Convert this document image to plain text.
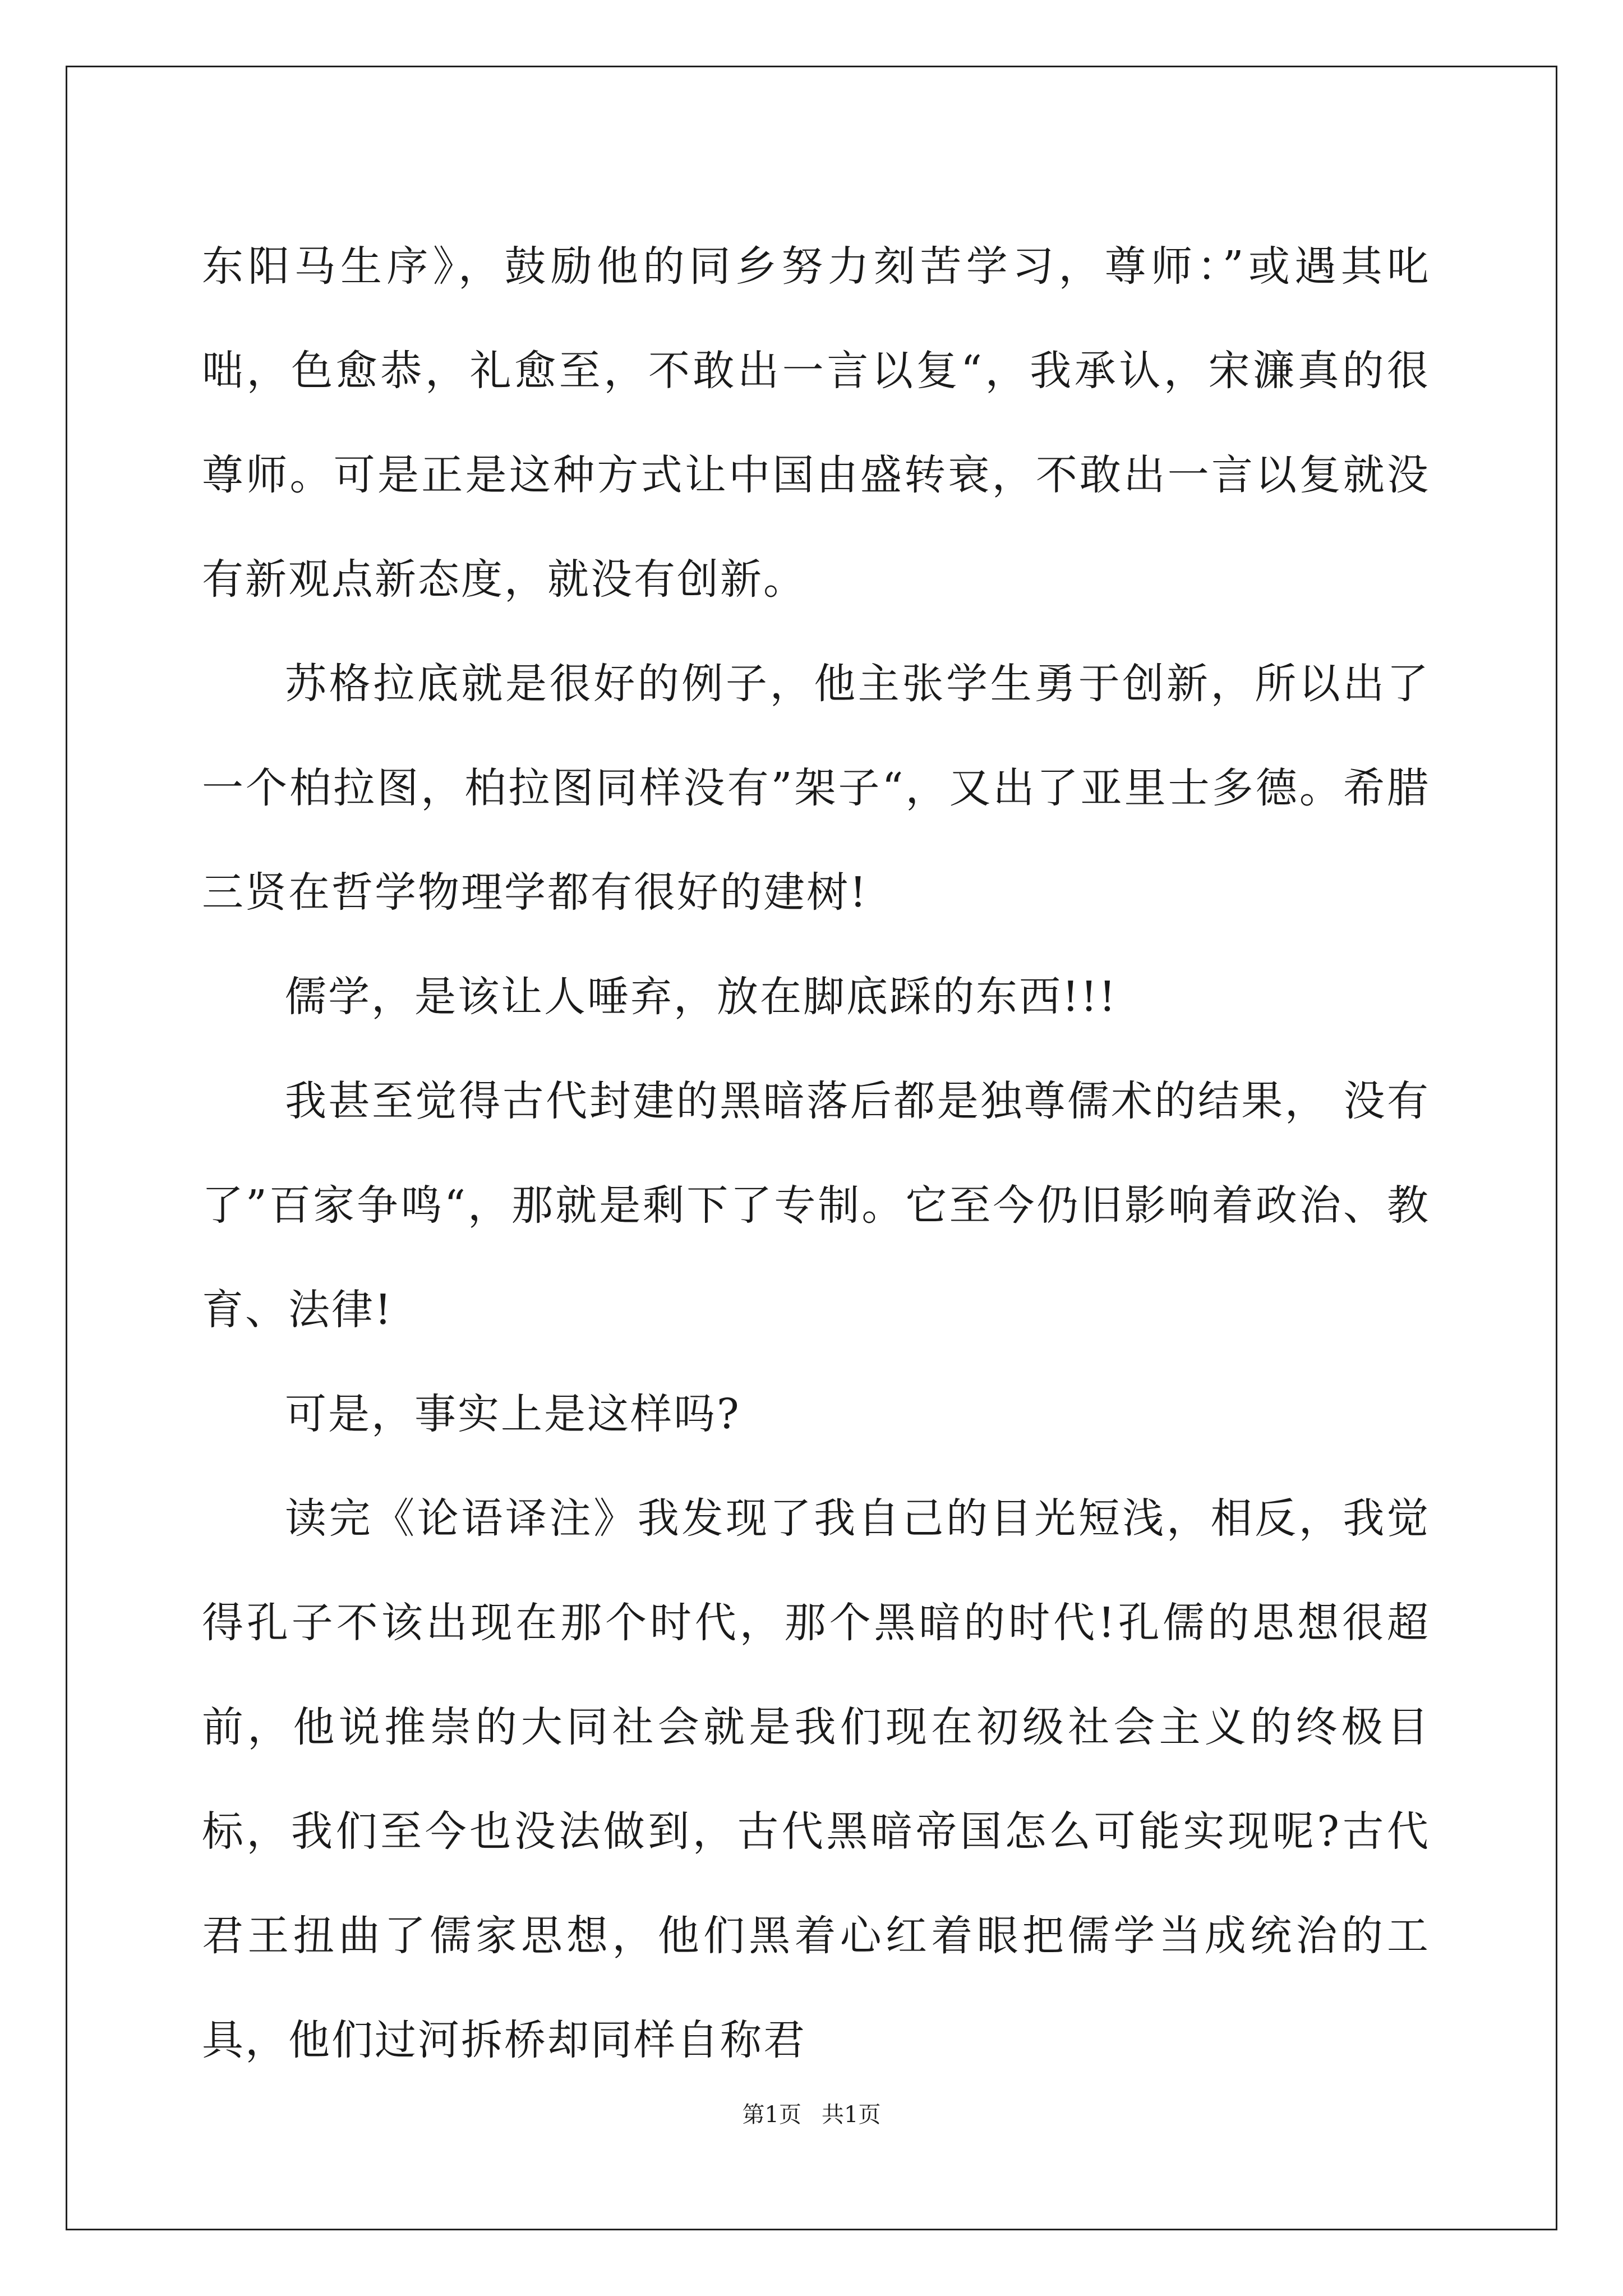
东阳马生序》，鼓励他的同乡努力刻苦学习，尊师：”或遇其叱咄，色愈恭，礼愈至，不敢出一言以复“，我承认，宋濂真的很尊师。可是正是这种方式让中国由盛转衰，不敢出一言以复就没有新观点新态度，就没有创新。

苏格拉底就是很好的例子，他主张学生勇于创新，所以出了一个柏拉图，柏拉图同样没有”架子“，又出了亚里士多德。希腊三贤在哲学物理学都有很好的建树!

儒学，是该让人唾弃，放在脚底踩的东西!!!

我甚至觉得古代封建的黑暗落后都是独尊儒术的结果， 没有了”百家争鸣“，那就是剩下了专制。它至今仍旧影响着政治、教育、法律!

可是，事实上是这样吗?

读完《论语译注》我发现了我自己的目光短浅，相反，我觉得孔子不该出现在那个时代，那个黑暗的时代!孔儒的思想很超前，他说推崇的大同社会就是我们现在初级社会主义的终极目标，我们至今也没法做到，古代黑暗帝国怎么可能实现呢?古代君王扭曲了儒家思想，他们黑着心红着眼把儒学当成统治的工具，他们过河拆桥却同样自称君

第1页 共1页
